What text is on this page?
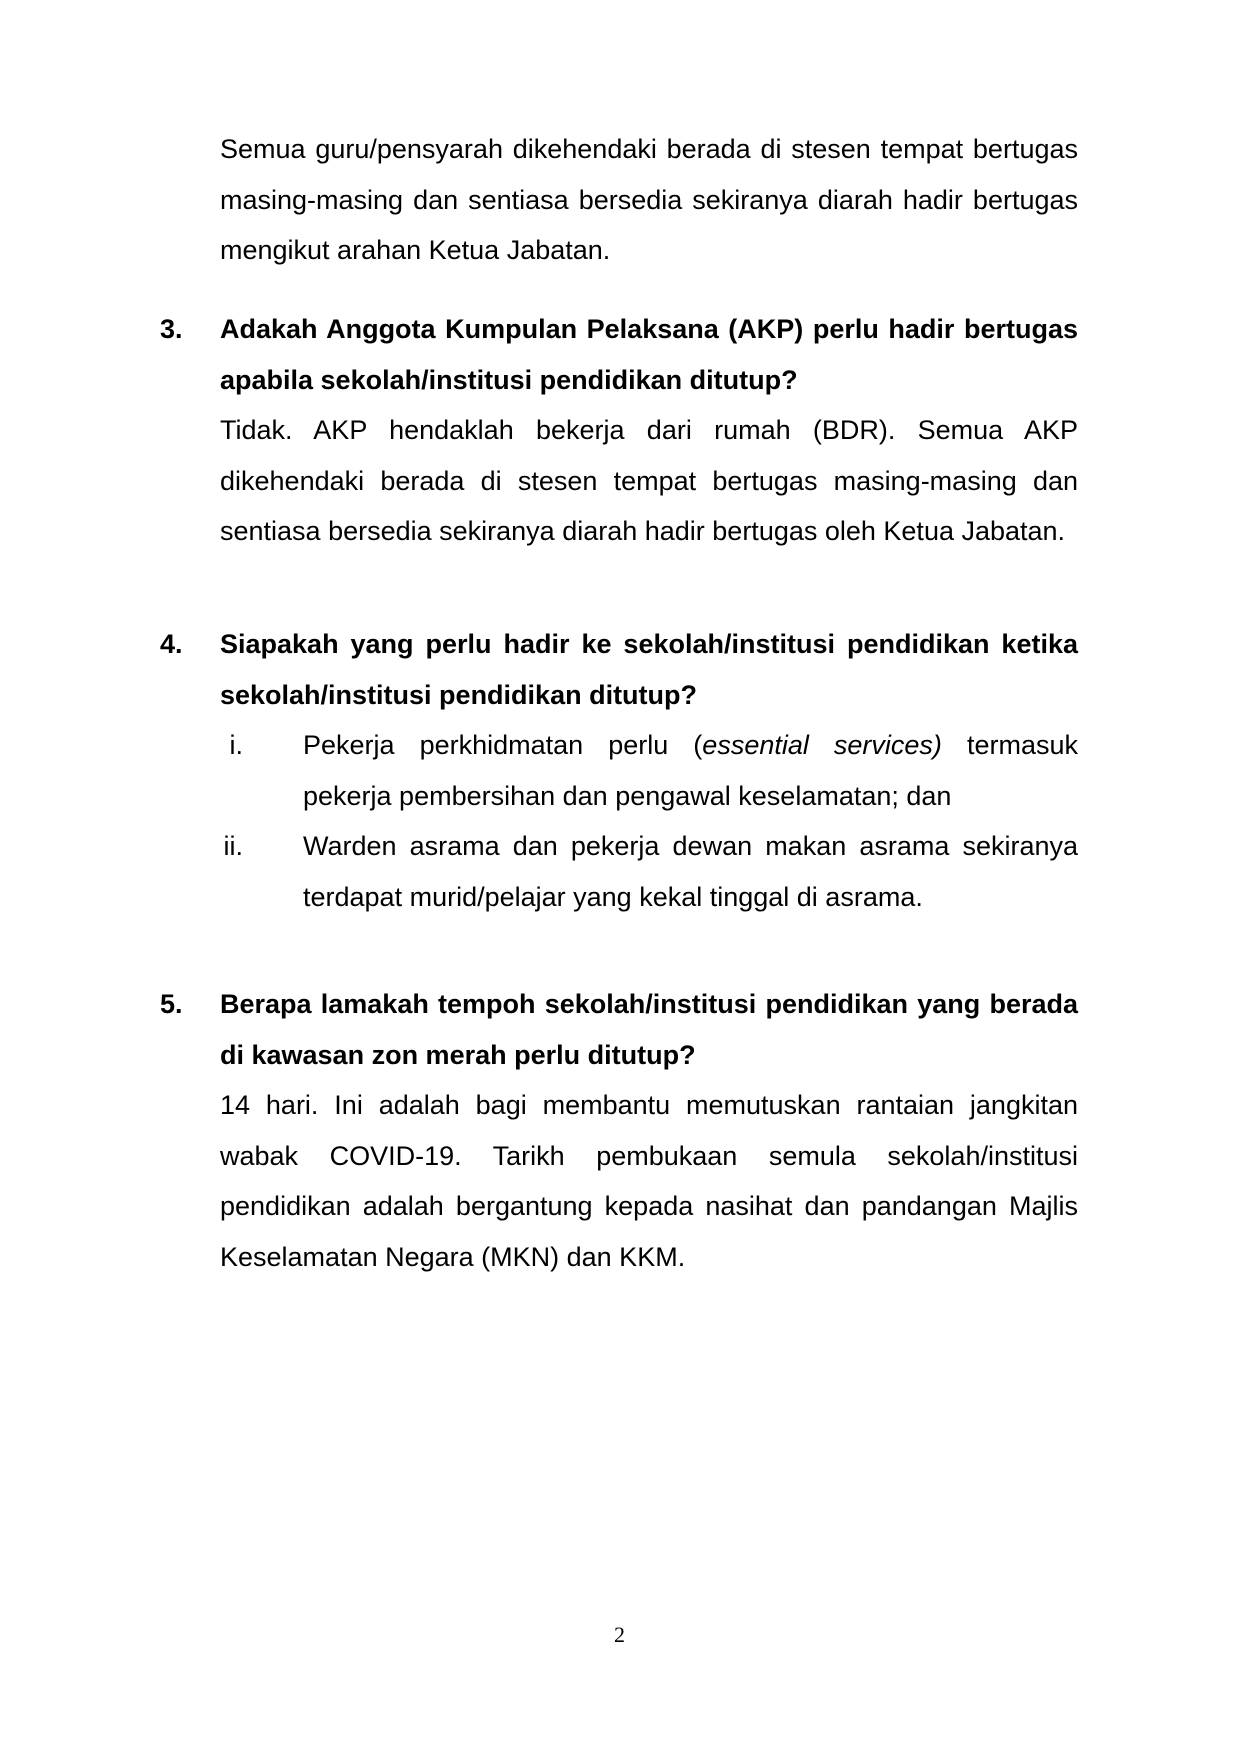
Semua guru/pensyarah dikehendaki berada di stesen tempat bertugas masing-masing dan sentiasa bersedia sekiranya diarah hadir bertugas mengikut arahan Ketua Jabatan.

3. Adakah Anggota Kumpulan Pelaksana (AKP) perlu hadir bertugas apabila sekolah/institusi pendidikan ditutup?
Tidak. AKP hendaklah bekerja dari rumah (BDR). Semua AKP dikehendaki berada di stesen tempat bertugas masing-masing dan sentiasa bersedia sekiranya diarah hadir bertugas oleh Ketua Jabatan.
4. Siapakah yang perlu hadir ke sekolah/institusi pendidikan ketika sekolah/institusi pendidikan ditutup?
i. Pekerja perkhidmatan perlu (essential services) termasuk pekerja pembersihan dan pengawal keselamatan; dan
ii. Warden asrama dan pekerja dewan makan asrama sekiranya terdapat murid/pelajar yang kekal tinggal di asrama.
5. Berapa lamakah tempoh sekolah/institusi pendidikan yang berada di kawasan zon merah perlu ditutup?
14 hari. Ini adalah bagi membantu memutuskan rantaian jangkitan wabak COVID-19. Tarikh pembukaan semula sekolah/institusi pendidikan adalah bergantung kepada nasihat dan pandangan Majlis Keselamatan Negara (MKN) dan KKM.
2
